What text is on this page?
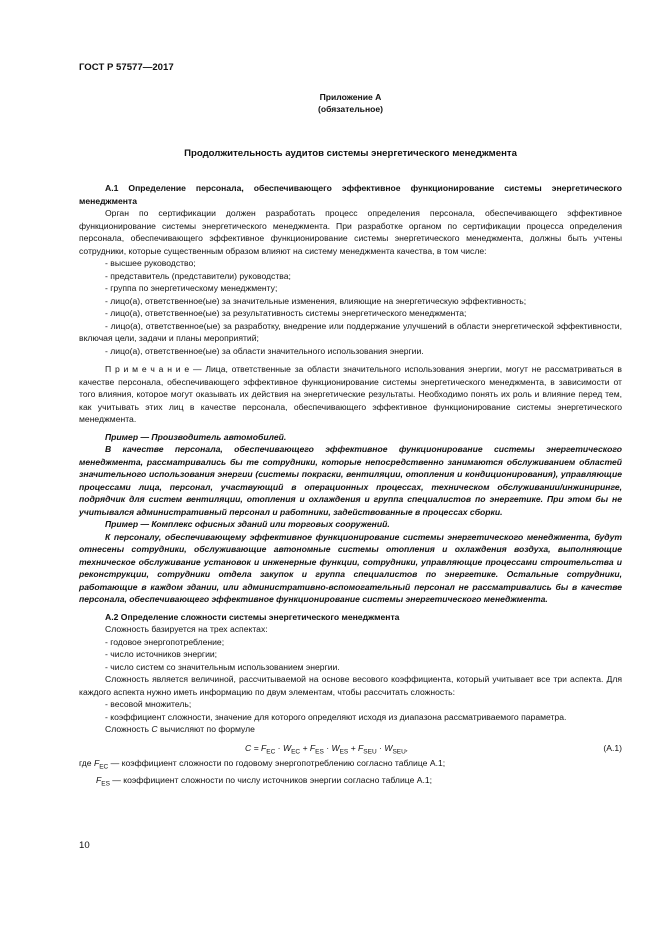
ГОСТ Р 57577—2017
Приложение А
(обязательное)
Продолжительность аудитов системы энергетического менеджмента

А.1 Определение персонала, обеспечивающего эффективное функционирование системы энергетического менеджмента

Орган по сертификации должен разработать процесс определения персонала, обеспечивающего эффективное функционирование системы энергетического менеджмента. При разработке органом по сертификации процесса определения персонала, обеспечивающего эффективное функционирование системы энергетического менеджмента, должны быть учтены сотрудники, которые существенным образом влияют на систему менеджмента качества, в том числе:

- высшее руководство;
- представитель (представители) руководства;
- группа по энергетическому менеджменту;
- лицо(а), ответственное(ые) за значительные изменения, влияющие на энергетическую эффективность;
- лицо(а), ответственное(ые) за результативность системы энергетического менеджмента;
- лицо(а), ответственное(ые) за разработку, внедрение или поддержание улучшений в области энергетической эффективности, включая цели, задачи и планы мероприятий;
- лицо(а), ответственное(ые) за области значительного использования энергии.

П р и м е ч а н и е — Лица, ответственные за области значительного использования энергии, могут не рассматриваться в качестве персонала, обеспечивающего эффективное функционирование системы энергетического менеджмента, в зависимости от того влияния, которое могут оказывать их действия на энергетические результаты. Необходимо понять их роль и влияние перед тем, как учитывать этих лиц в качестве персонала, обеспечивающего эффективное функционирование системы энергетического менеджмента.

Пример — Производитель автомобилей.

В качестве персонала, обеспечивающего эффективное функционирование системы энергетического менеджмента, рассматривались бы те сотрудники, которые непосредственно занимаются обслуживанием областей значительного использования энергии (системы покраски, вентиляции, отопления и кондиционирования), управляющие процессами лица, персонал, участвующий в операционных процессах, техническом обслуживании/инжиниринге, подрядчик для систем вентиляции, отопления и охлаждения и группа специалистов по энергетике. При этом бы не учитывался административный персонал и работники, задействованные в процессах сборки.

Пример — Комплекс офисных зданий или торговых сооружений.

К персоналу, обеспечивающему эффективное функционирование системы энергетического менеджмента, будут отнесены сотрудники, обслуживающие автономные системы отопления и охлаждения воздуха, выполняющие техническое обслуживание установок и инженерные функции, сотрудники, управляющие процессами строительства и реконструкции, сотрудники отдела закупок и группа специалистов по энергетике. Остальные сотрудники, работающие в каждом здании, или административно-вспомогательный персонал не рассматривались бы в качестве персонала, обеспечивающего эффективное функционирование системы энергетического менеджмента.

А.2 Определение сложности системы энергетического менеджмента

Сложность базируется на трех аспектах:

- годовое энергопотребление;
- число источников энергии;
- число систем со значительным использованием энергии.

Сложность является величиной, рассчитываемой на основе весового коэффициента, который учитывает все три аспекта. Для каждого аспекта нужно иметь информацию по двум элементам, чтобы рассчитать сложность:

- весовой множитель;
- коэффициент сложности, значение для которого определяют исходя из диапазона рассматриваемого параметра.

Сложность С вычисляют по формуле

$С = F_{EC} \cdot W_{EC} + F_{ES} \cdot W_{ES} + F_{SEU} \cdot W_{SEU}$,	(A.1)

где $F_{EC}$ — коэффициент сложности по годовому энергопотреблению согласно таблице А.1;

$F_{ES}$ — коэффициент сложности по числу источников энергии согласно таблице А.1;

10
